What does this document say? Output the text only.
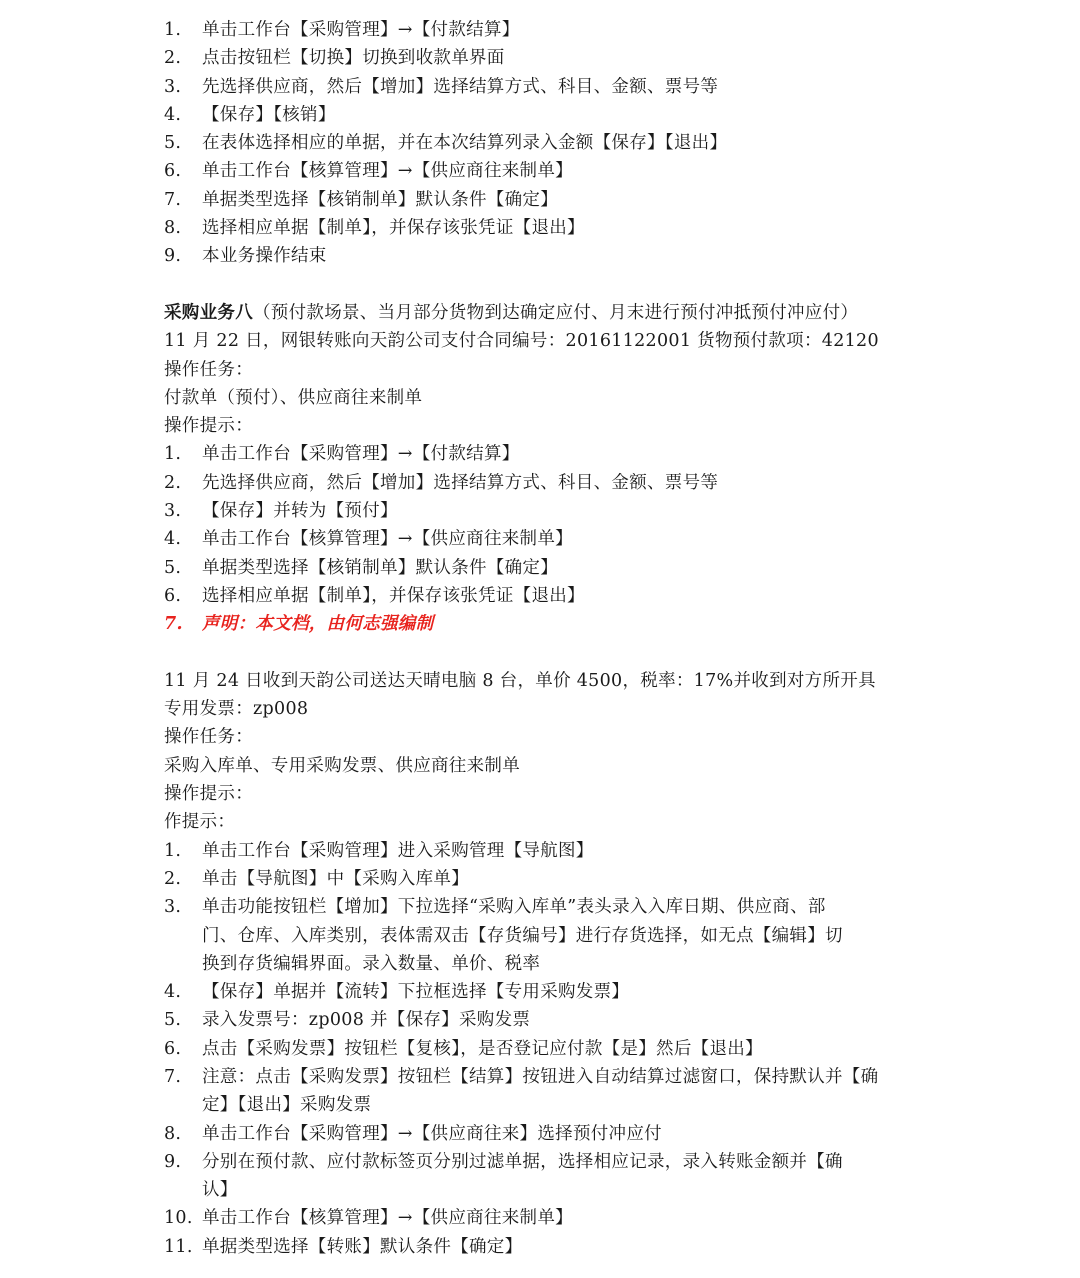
1. 单击工作台【采购管理】→【付款结算】
2. 点击按钮栏【切换】切换到收款单界面
3. 先选择供应商，然后【增加】选择结算方式、科目、金额、票号等
4. 【保存】【核销】
5. 在表体选择相应的单据，并在本次结算列录入金额【保存】【退出】
6. 单击工作台【核算管理】→【供应商往来制单】
7. 单据类型选择【核销制单】默认条件【确定】
8. 选择相应单据【制单】，并保存该张凭证【退出】
9. 本业务操作结束
采购业务八（预付款场景、当月部分货物到达确定应付、月末进行预付冲抵预付冲应付）
11 月 22 日，网银转账向天韵公司支付合同编号：20161122001 货物预付款项：42120
操作任务：
付款单（预付）、供应商往来制单
操作提示：
1. 单击工作台【采购管理】→【付款结算】
2. 先选择供应商，然后【增加】选择结算方式、科目、金额、票号等
3. 【保存】并转为【预付】
4. 单击工作台【核算管理】→【供应商往来制单】
5. 单据类型选择【核销制单】默认条件【确定】
6. 选择相应单据【制单】，并保存该张凭证【退出】
7. 声明：本文档，由何志强编制
11 月 24 日收到天韵公司送达天晴电脑 8 台，单价 4500，税率：17%并收到对方所开具
专用发票：zp008
操作任务：
采购入库单、专用采购发票、供应商往来制单
操作提示：
作提示：
1. 单击工作台【采购管理】进入采购管理【导航图】
2. 单击【导航图】中【采购入库单】
3. 单击功能按钮栏【增加】下拉选择“采购入库单”表头录入入库日期、供应商、部
门、仓库、入库类别，表体需双击【存货编号】进行存货选择，如无点【编辑】切
换到存货编辑界面。录入数量、单价、税率
4. 【保存】单据并【流转】下拉框选择【专用采购发票】
5. 录入发票号：zp008 并【保存】采购发票
6. 点击【采购发票】按钮栏【复核】，是否登记应付款【是】然后【退出】
7. 注意：点击【采购发票】按钮栏【结算】按钮进入自动结算过滤窗口，保持默认并【确
定】【退出】采购发票
8. 单击工作台【采购管理】→【供应商往来】选择预付冲应付
9. 分别在预付款、应付款标签页分别过滤单据，选择相应记录，录入转账金额并【确
认】
10. 单击工作台【核算管理】→【供应商往来制单】
11. 单据类型选择【转账】默认条件【确定】
